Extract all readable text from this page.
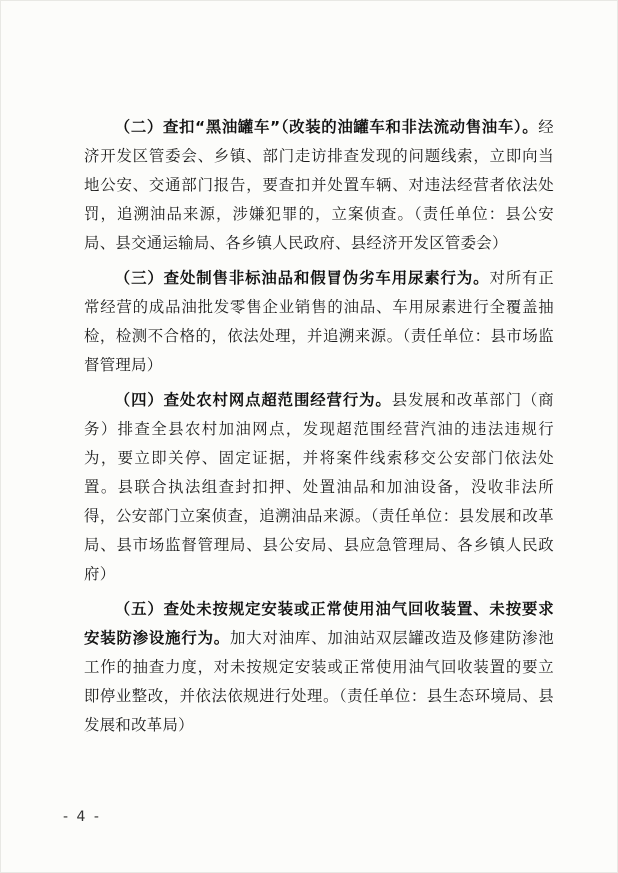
（二）查扣“黑油罐车”（改装的油罐车和非法流动售油车）。经济开发区管委会、乡镇、部门走访排查发现的问题线索，立即向当地公安、交通部门报告，要查扣并处置车辆、对违法经营者依法处罚，追溯油品来源，涉嫌犯罪的，立案侦查。（责任单位：县公安局、县交通运输局、各乡镇人民政府、县经济开发区管委会）

（三）查处制售非标油品和假冒伪劣车用尿素行为。对所有正常经营的成品油批发零售企业销售的油品、车用尿素进行全覆盖抽检，检测不合格的，依法处理，并追溯来源。（责任单位：县市场监督管理局）

（四）查处农村网点超范围经营行为。县发展和改革部门（商务）排查全县农村加油网点，发现超范围经营汽油的违法违规行为，要立即关停、固定证据，并将案件线索移交公安部门依法处置。县联合执法组查封扣押、处置油品和加油设备，没收非法所得，公安部门立案侦查，追溯油品来源。（责任单位：县发展和改革局、县市场监督管理局、县公安局、县应急管理局、各乡镇人民政府）

（五）查处未按规定安装或正常使用油气回收装置、未按要求安装防渗设施行为。加大对油库、加油站双层罐改造及修建防渗池工作的抽查力度，对未按规定安装或正常使用油气回收装置的要立即停业整改，并依法依规进行处理。（责任单位：县生态环境局、县发展和改革局）

- 4 -
